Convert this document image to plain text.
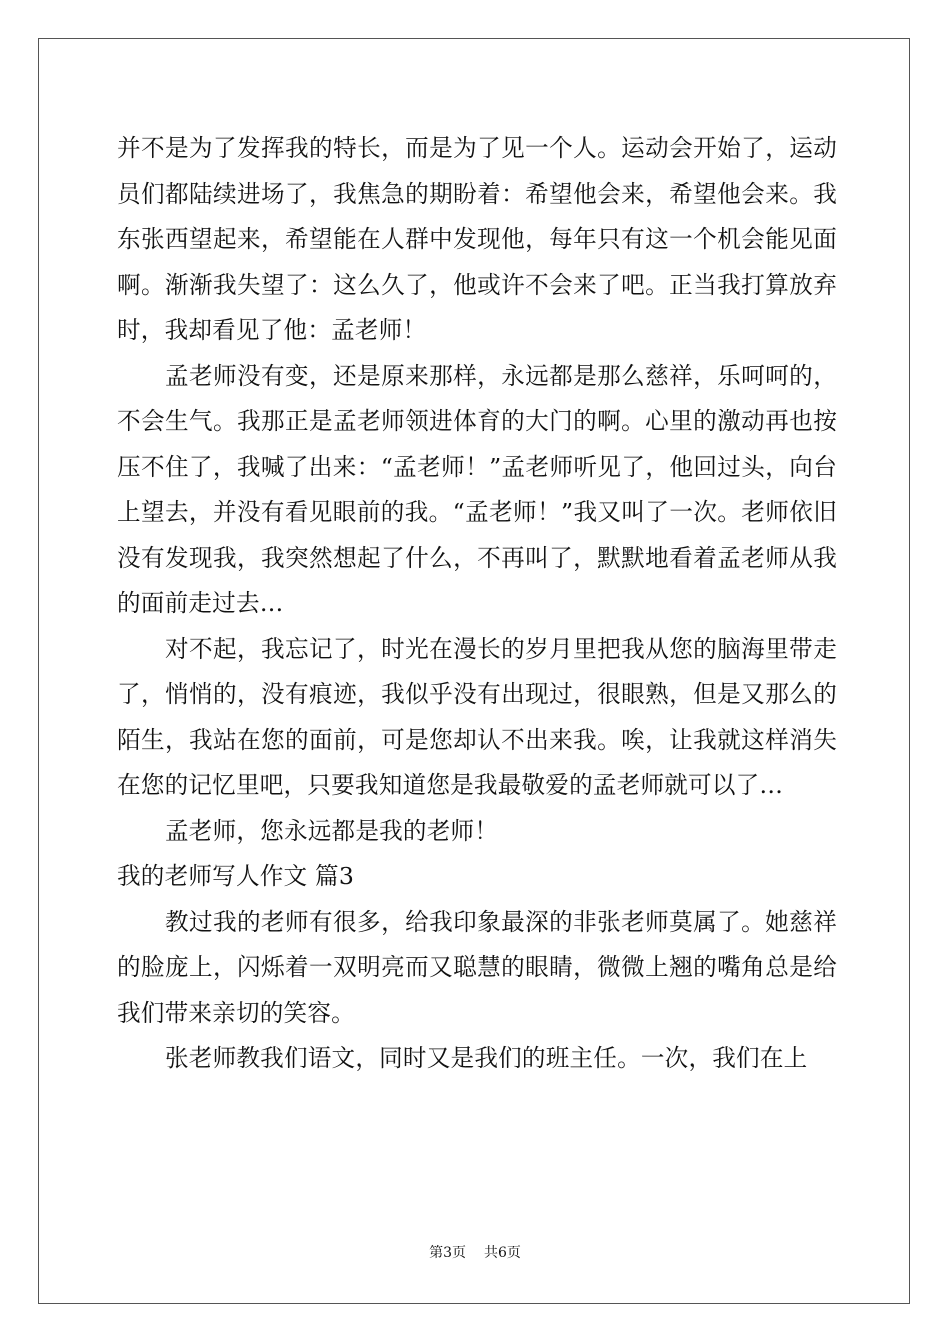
并不是为了发挥我的特长，而是为了见一个人。运动会开始了，运动员们都陆续进场了，我焦急的期盼着：希望他会来，希望他会来。我东张西望起来，希望能在人群中发现他，每年只有这一个机会能见面啊。渐渐我失望了：这么久了，他或许不会来了吧。正当我打算放弃时，我却看见了他：孟老师！

孟老师没有变，还是原来那样，永远都是那么慈祥，乐呵呵的，不会生气。我那正是孟老师领进体育的大门的啊。心里的激动再也按压不住了，我喊了出来：“孟老师！”孟老师听见了，他回过头，向台上望去，并没有看见眼前的我。“孟老师！”我又叫了一次。老师依旧没有发现我，我突然想起了什么，不再叫了，默默地看着孟老师从我的面前走过去…

对不起，我忘记了，时光在漫长的岁月里把我从您的脑海里带走了，悄悄的，没有痕迹，我似乎没有出现过，很眼熟，但是又那么的陌生，我站在您的面前，可是您却认不出来我。唉，让我就这样消失在您的记忆里吧，只要我知道您是我最敬爱的孟老师就可以了…

孟老师，您永远都是我的老师！

我的老师写人作文 篇3

教过我的老师有很多，给我印象最深的非张老师莫属了。她慈祥的脸庞上，闪烁着一双明亮而又聪慧的眼睛，微微上翘的嘴角总是给我们带来亲切的笑容。

张老师教我们语文，同时又是我们的班主任。一次，我们在上

第3页 共6页
